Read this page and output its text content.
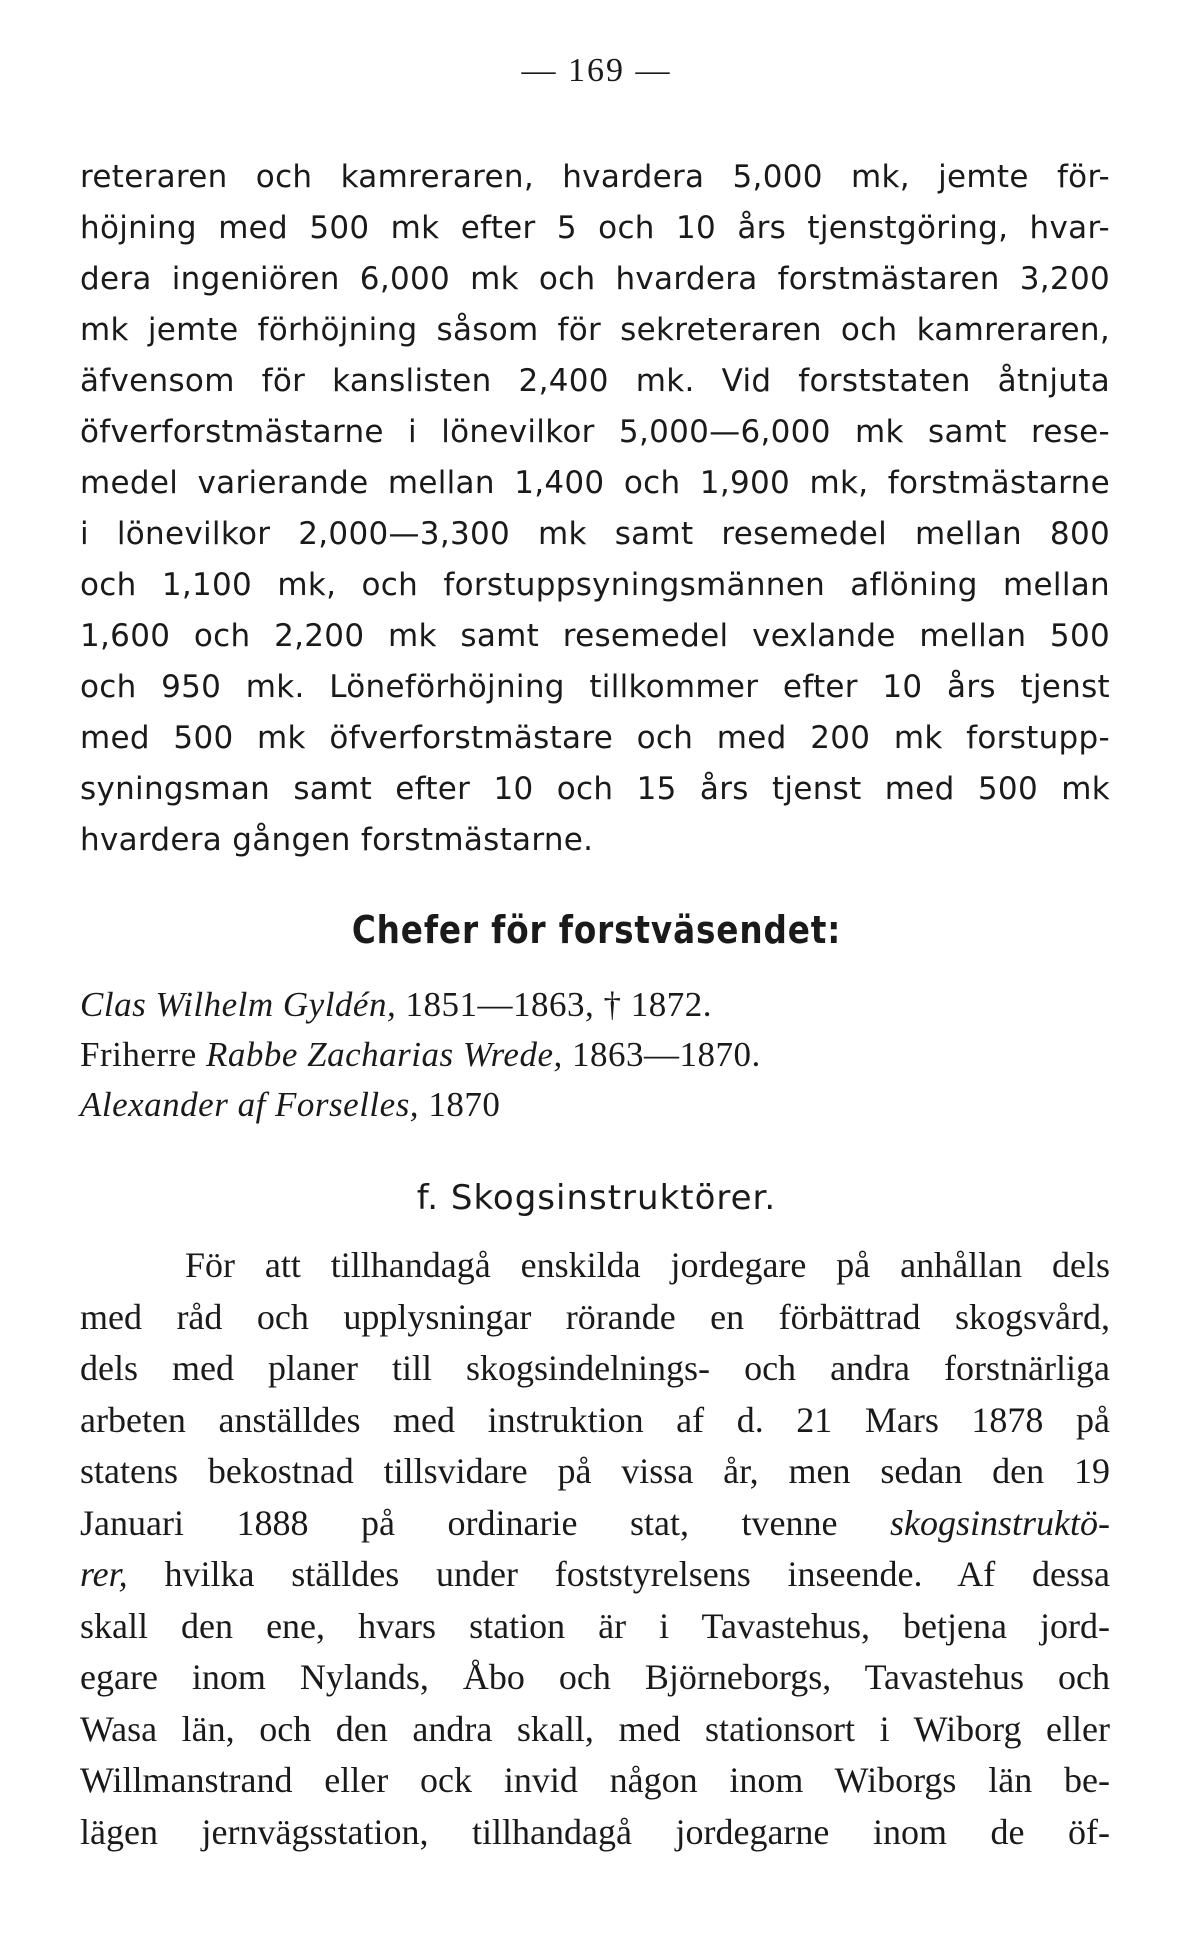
— 169 —
reteraren och kamreraren, hvardera 5,000 mk, jemte för-
höjning med 500 mk efter 5 och 10 års tjenstgöring, hvar-
dera ingeniören 6,000 mk och hvardera forstmästaren 3,200
mk jemte förhöjning såsom för sekreteraren och kamreraren,
äfvensom för kanslisten 2,400 mk. Vid forststaten åtnjuta
öfverforstmästarne i lönevilkor 5,000—6,000 mk samt rese-
medel varierande mellan 1,400 och 1,900 mk, forstmästarne
i lönevilkor 2,000—3,300 mk samt resemedel mellan 800
och 1,100 mk, och forstuppsyningsmännen aflöning mellan
1,600 och 2,200 mk samt resemedel vexlande mellan 500
och 950 mk. Löneförhöjning tillkommer efter 10 års tjenst
med 500 mk öfverforstmästare och med 200 mk forstupp-
syningsman samt efter 10 och 15 års tjenst med 500 mk
hvardera gången forstmästarne.
Chefer för forstväsendet:
Clas Wilhelm Gyldén, 1851—1863, † 1872.
Friherre Rabbe Zacharias Wrede, 1863—1870.
Alexander af Forselles, 1870
f. Skogsinstruktörer.
För att tillhandagå enskilda jordegare på anhållan dels
med råd och upplysningar rörande en förbättrad skogsvård,
dels med planer till skogsindelnings- och andra forstnärliga
arbeten anställdes med instruktion af d. 21 Mars 1878 på
statens bekostnad tillsvidare på vissa år, men sedan den 19
Januari 1888 på ordinarie stat, tvenne skogsinstruktö-
rer, hvilka ställdes under foststyrelsens inseende. Af dessa
skall den ene, hvars station är i Tavastehus, betjena jord-
egare inom Nylands, Åbo och Björneborgs, Tavastehus och
Wasa län, och den andra skall, med stationsort i Wiborg eller
Willmanstrand eller ock invid någon inom Wiborgs län be-
lägen jernvägsstation, tillhandagå jordegarne inom de öf-
